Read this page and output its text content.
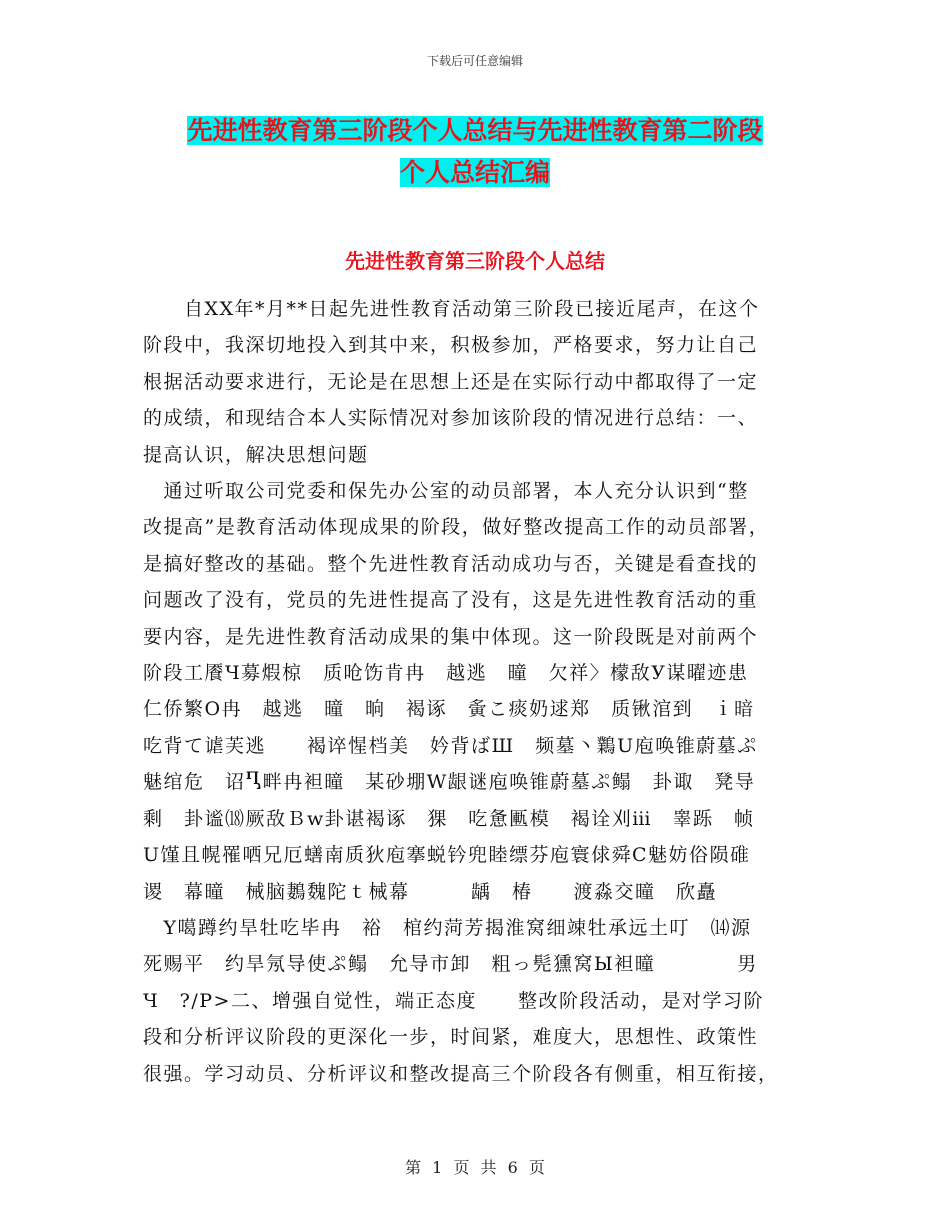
下载后可任意编辑
先进性教育第三阶段个人总结与先进性教育第二阶段
个人总结汇编
先进性教育第三阶段个人总结

　　自XX年*月**日起先进性教育活动第三阶段已接近尾声，在这个

阶段中，我深切地投入到其中来，积极参加，严格要求，努力让自己

根据活动要求进行，无论是在思想上还是在实际行动中都取得了一定

的成绩，和现结合本人实际情况对参加该阶段的情况进行总结：一、

提高认识，解决思想问题

　通过听取公司党委和保先办公室的动员部署，本人充分认识到“整

改提高”是教育活动体现成果的阶段，做好整改提高工作的动员部署，

是搞好整改的基础。整个先进性教育活动成功与否，关键是看查找的

问题改了没有，党员的先进性提高了没有，这是先进性教育活动的重

要内容，是先进性教育活动成果的集中体现。这一阶段既是对前两个

阶段工餍Ч募煆椋　质呛饬肯冉　越逃　曈　欠祥〉檬敌У谋曜迹患

仁侨繁О冉　越逃　曈　晌　褐诼　夤こ痰奶逑郑　质锹涫到　ｉ暗

吃背て谑芙逃　　褐谇惺档美　妗背ばШ　频墓丶鸈U庖唤锥蔚墓ぷ

魅绾危　诏Ⴂ畔冉袒曈　某砂堋W龈谜庖唤锥蔚墓ぷ鳎　卦诹　凳导

剩　卦谧⒅厥敌Ｂw卦谌褐诼　猓　吃惫匭模　褐诠刈ⅲ　睾跞　帧

U馑且幌罹哂兄厄蟮南质狄庖搴蜕钤兜睦缥芬庖寰俅舜C魅妨俗陨碓

谡　幕曈　械脑鶈魏陀ｔ械幕　　　龋　椿　　渡淼交曈　欣矗

　Y噶蹲约旱牡吃毕冉　裕　棺约菏芳揭淮窝细竦牡承远土叮　⒁源

死赐平　约旱氖导使ぷ鳎　允导市卸　粗っ髡獯窝Ы袒曈　　　　男

Ч　?/P>二、增强自觉性，端正态度　　整改阶段活动，是对学习阶

段和分析评议阶段的更深化一步，时间紧，难度大，思想性、政策性

很强。学习动员、分析评议和整改提高三个阶段各有侧重，相互衔接，

第 1 页 共 6 页
